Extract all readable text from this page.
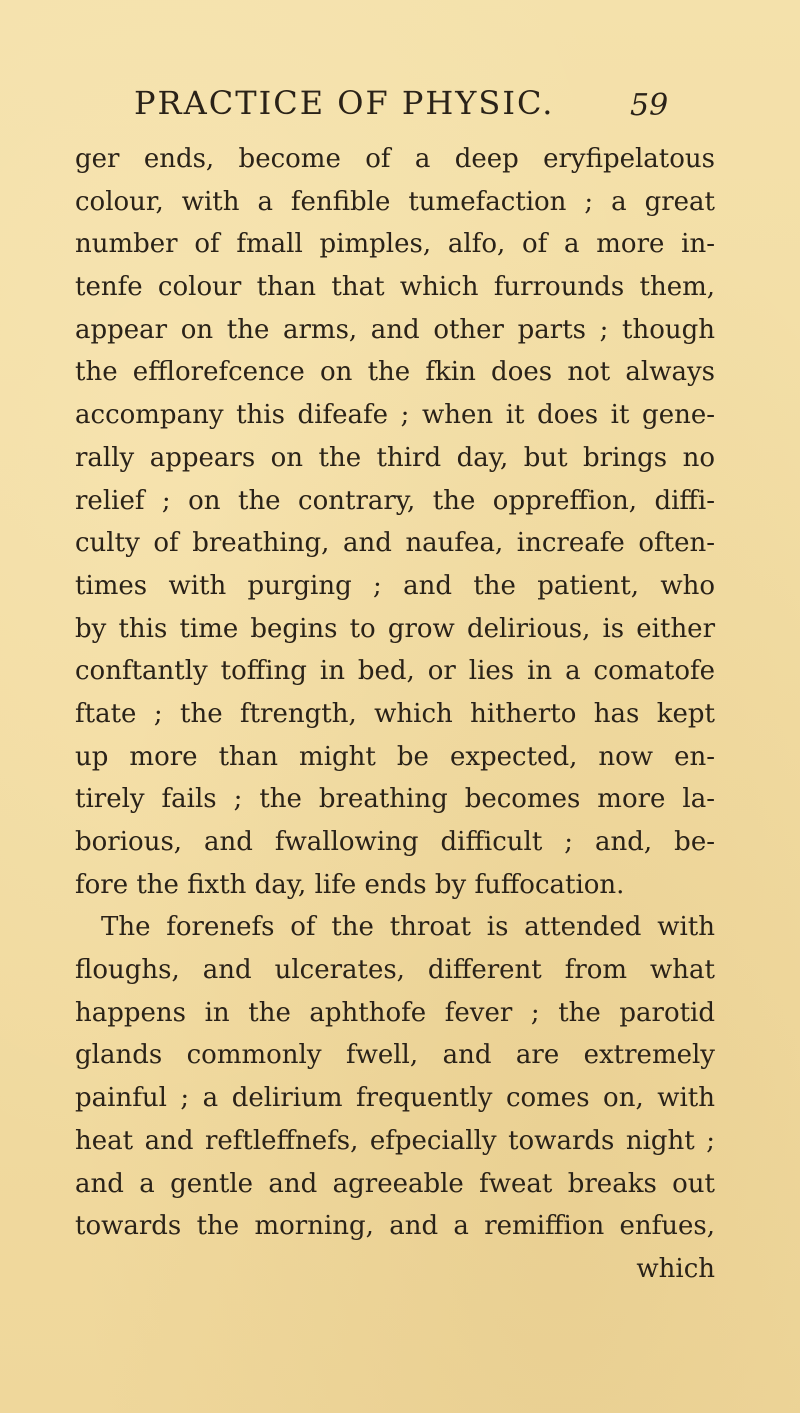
PRACTICE OF PHYSIC.	59
ger ends, become of a deep eryfipelatous
colour, with a fenfible tumefaction ; a great
number of fmall pimples, alfo, of a more in-
tenfe colour than that which furrounds them,
appear on the arms, and other parts ; though
the efflorefcence on the fkin does not always
accompany this difeafe ; when it does it gene-
rally appears on the third day, but brings no
relief ; on the contrary, the oppreffion, diffi-
culty of breathing, and naufea, increafe often-
times with purging ; and the patient, who
by this time begins to grow delirious, is either
conftantly toffing in bed, or lies in a comatofe
ftate ; the ftrength, which hitherto has kept
up more than might be expected, now en-
tirely fails ; the breathing becomes more la-
borious, and fwallowing difficult ; and, be-
fore the fixth day, life ends by fuffocation.
The forenefs of the throat is attended with
floughs, and ulcerates, different from what
happens in the aphthofe fever ; the parotid
glands commonly fwell, and are extremely
painful ; a delirium frequently comes on, with
heat and reftleffnefs, efpecially towards night ;
and a gentle and agreeable fweat breaks out
towards the morning, and a remiffion enfues,
which
